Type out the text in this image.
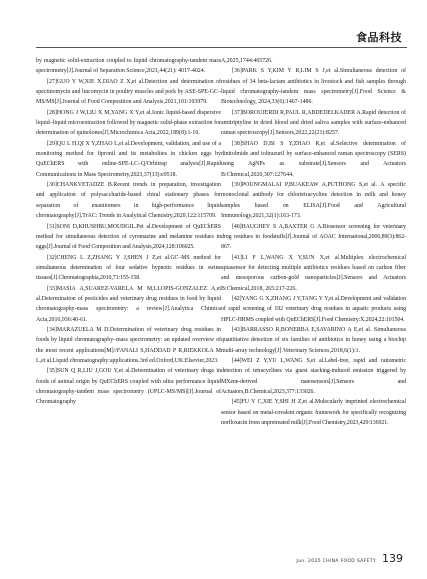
食品科技

by magnetic solid-extraction coupled to liquid chromatography-tandem mass spectrometry[J].Journal of Separation Science,2021,44(21): 4017-4024.

[27]GUO Y W,XIE X,DIAO Z X,et al.Detection and determination of spectinomycin and lincomycin in poultry muscles and pork by ASE-SPE-GC–MS/MS[J].Journal of Food Composition and Analysis,2021,101:103979.

[28]HONG J W,LIU X M,YANG X Y,et al.Ionic liquid-based dispersive liquid–liquid microextraction followed by magnetic solid-phase extraction for determination of quinolones[J].Microchimica Acta,2022,189(8):1-10.

[29]QU L H,QI X Y,ZHAO L,et al.Development, validation, and use of a monitoring method for fipronil and its metabolites in chicken eggs by QuEChERS with online-SPE-LC–Q/Orbitrap analysis[J].Rapid Communications in Mass Spectrometry,2023,37(13):e9518.

[30]CHANKVETADZE B.Recent trends in preparation, investigation and application of polysaccharide-based chiral stationary phases for separation of enantiomers in high-performance liquid chromatography[J].TrAC: Trends in Analytical Chemistry,2020,122:115709.

[31]SONI D,KHUSHBU,MOUDGIL.Pet al.Development of QuEChERS method for simultaneous detection of cyromazine and melamine residues in eggs[J].Journal of Food Composition and Analysis,2024,128:106025.

[32]CHENG L Z,ZHANG Y J,SHEN J Z,et al.GC–MS method for simultaneous determination of four sedative hypnotic residues in swine tissues[J].Chromatographia,2010,71:155-158.

[33]MASIA A,SUAREZ-VARELA M M,LLOPIS-GONZALEZ A,et al.Determination of pesticides and veterinary drug residues in food by liquid chromatography-mass spectrometry: a review[J].Analytica Chimica Acta,2016,936:40-61.

[34]MARAZUELA M D.Determination of veterinary drug residues in foods by liquid chromatography–mass spectrometry: an updated overview of the most recent applications[M]//FANALI S,HADDAD P R,RIEKKOLA M L,et al.Liquid chromatography:applications.3rd ed.Oxford,UK:Elsevier,2023.

[35]SUN Q R,LIU J,GOU Y,et al.Determination of veterinary drugs in foods of animal origin by QuEChERS coupled with ultra performance liquid chromatography-tandem mass spectrometry (UPLC-MS/MS)[J].Journal of Chromatography

A,2025,1744:465726.

[36]PARK S Y,KIM Y R,LIM S J,et al.Simultaneous detection of residues of 34 beta-lactam antibiotics in livestock and fish samples through liquid chromatography-tandem mass spectrometry[J].Food Science & Biotechnology, 2024,33(6):1467-1486.

[37]BOROUJERDI R,PAUL R,ABDEDELKADER A.Rapid detection of amitriptyline in dried blood and dried saliva samples with surface-enhanced raman spectroscopy[J].Sensors,2022,22(21):8257.

[38]SHAO D,BI S Y,ZHAO R,et al.Selective determination of dinitolmide and toltrazuril by surface-enhanced raman spectroscopy (SERS) using AgNPs as substrate[J].Sensors and Actuators B:Chemical,2020,307:127644.

[39]POUNGMALAI P,BUAKEAW A,PUTHONG S,et al. A specific monoclonal antibody for chlortetracycline detection in milk and honey samples based on ELISA[J].Food and Agricultural Immunology,2021,32(1):163-173.

[40]HAUGHEY S A,BAXTER G A.Biosensor screening for veterinary drug residues in foodstuffs[J].Journal of AOAC International,2006,89(3):862-867.

[41]LI F L,WANG X Y,SUN X,et al.Multiplex electrochemical aptasensor for detecting multiple antibiotics residues based on carbon fiber and mesoporous carbon-gold nanoparticles[J].Sensors and Actuators B:Chemical,2018, 265:217-226.

[42]YANG G X,ZHANG J Y,TANG Y Y,et al.Development and validation of rapid screening of 192 veterinary drug residues in aquatic products using HPLC-HRMS coupled with QuEChERS[J].Food Chemistry:X,2024,22:101504.

[43]BARRASSO R,BONERBA E,SAVARINO A E,et al. Simultaneous quantitative detection of six families of antibiotics in honey using a biochip multi-array technology[J].Veterinary Sciences,2018,6(1):1.

[44]WEI Z Y,YU L,WANG S,et al.Label-free, rapid and ratiometric detection of tetracyclines via guest stacking-induced emission triggered by MXene-derived nanosensors[J].Sensors and Actuators,B.Chemical,2023,377:133026.

[45]FU Y C,XIE Y,SHI H Z,et al.Molecularly imprinted electrochemical sensor based on metal-covalent organic framework for specifically recognizing norfloxacin from unpretreated milk[J].Food Chemistry,2023,429:136921.

Jun. 2025 CHINA FOOD SAFETY 139
